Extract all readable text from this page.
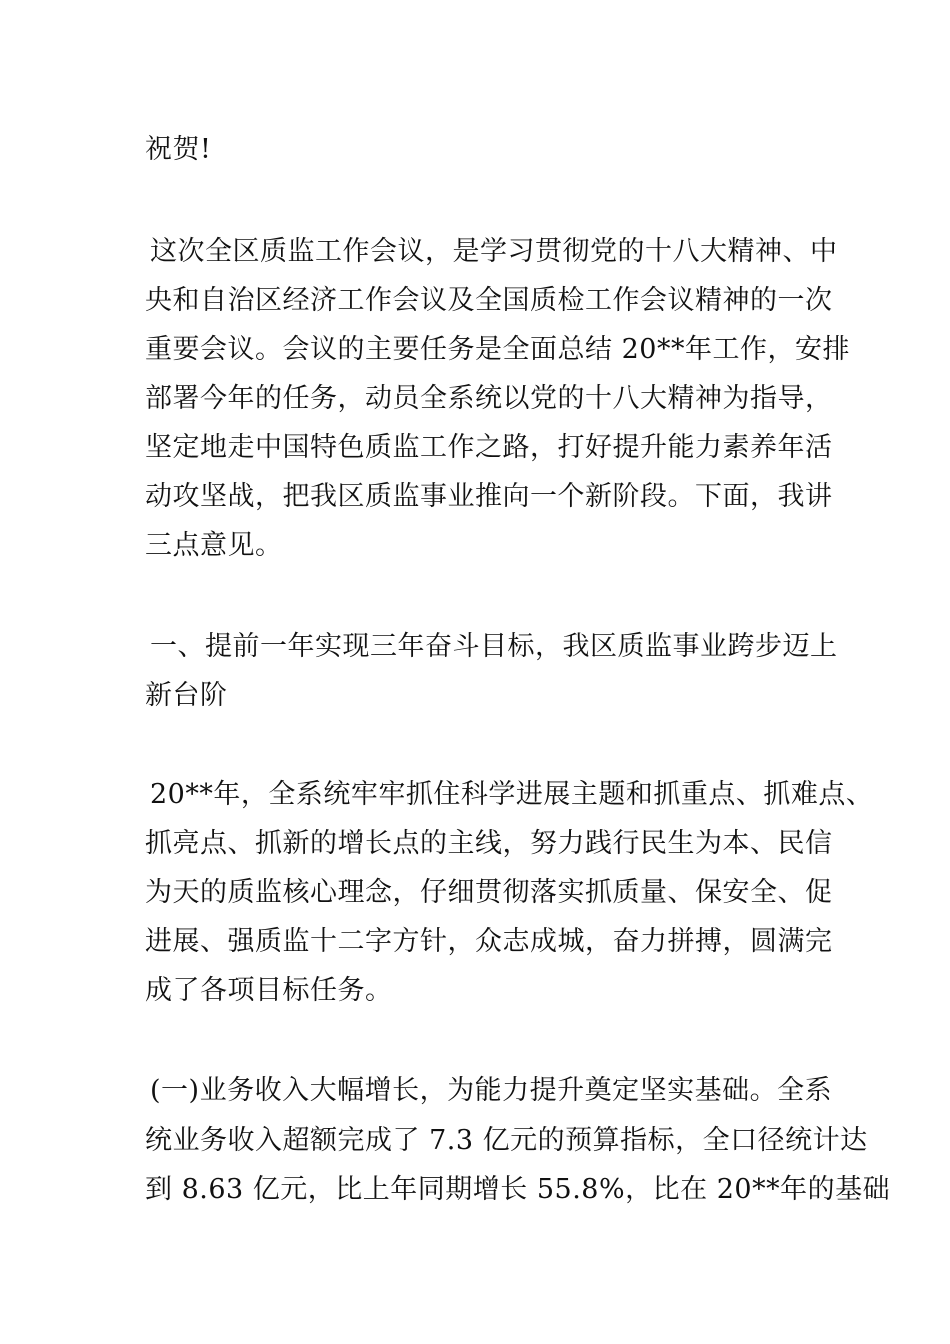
祝贺!
这次全区质监工作会议，是学习贯彻党的十八大精神、中
央和自治区经济工作会议及全国质检工作会议精神的一次
重要会议。会议的主要任务是全面总结 20**年工作，安排
部署今年的任务，动员全系统以党的十八大精神为指导，
坚定地走中国特色质监工作之路，打好提升能力素养年活
动攻坚战，把我区质监事业推向一个新阶段。下面，我讲
三点意见。
一、提前一年实现三年奋斗目标，我区质监事业跨步迈上
新台阶
20**年，全系统牢牢抓住科学进展主题和抓重点、抓难点、
抓亮点、抓新的增长点的主线，努力践行民生为本、民信
为天的质监核心理念，仔细贯彻落实抓质量、保安全、促
进展、强质监十二字方针，众志成城，奋力拼搏，圆满完
成了各项目标任务。
(一)业务收入大幅增长，为能力提升奠定坚实基础。全系
统业务收入超额完成了 7.3 亿元的预算指标，全口径统计达
到 8.63 亿元，比上年同期增长 55.8%，比在 20**年的基础
